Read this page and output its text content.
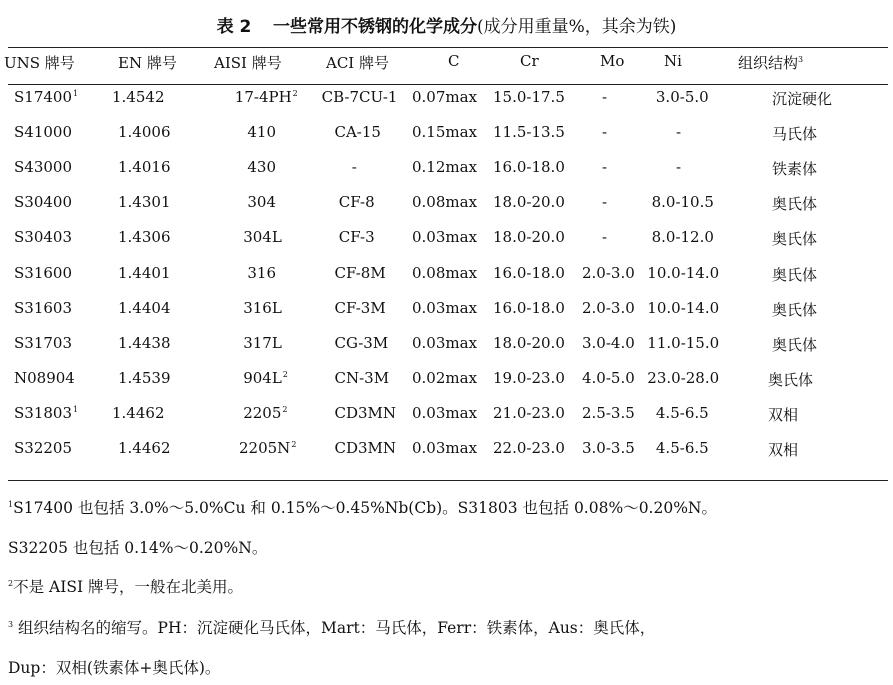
表 2 一些常用不锈钢的化学成分(成分用重量%，其余为铁)
UNS 牌号	EN 牌号 AISI 牌号	ACI 牌号	C	Cr	Mo	Ni	组织结构$^3$
S17400 1 1.4542	17-4PH 2 CB-7CU-1 0.07max 15.0-17.5 -	3.0-5.0	沉淀硬化
S41000	1.4006	410	CA-15 0.15max 11.5-13.5 -	-	马氏体
S43000	1.4016	430	-	0.12max 16.0-18.0 -	-	铁素体
S30400	1.4301	304	CF-8 0.08max 18.0-20.0 -	8.0-10.5	奥氏体
S30403	1.4306	304L	CF-3 0.03max 18.0-20.0 -	8.0-12.0	奥氏体
S31600	1.4401	316	CF-8M 0.08max 16.0-18.0 2.0-3.0 10.0-14.0	奥氏体
S31603	1.4404	316L	CF-3M 0.03max 16.0-18.0 2.0-3.0 10.0-14.0	奥氏体
S31703	1.4438	317L	CG-3M 0.03max 18.0-20.0 3.0-4.0 11.0-15.0	奥氏体
N08904	1.4539	904L 2	CN-3M 0.02max 19.0-23.0 4.0-5.0 23.0-28.0	奥氏体
S31803 1 1.4462	2205 2	CD3MN 0.03max 21.0-23.0 2.5-3.5 4.5-6.5	双相
S32205	1.4462	2205N 2	CD3MN 0.03max 22.0-23.0 3.0-3.5 4.5-6.5	双相
$^1$S17400 也包括 3.0%～5.0%Cu 和 0.15%～0.45%Nb(Cb)。S31803 也包括 0.08%～0.20%N。
S32205 也包括 0.14%～0.20%N。
$^2$不是 AISI 牌号，一般在北美用。
$^3$ 组织结构名的缩写。PH：沉淀硬化马氏体，Mart：马氏体，Ferr：铁素体，Aus：奥氏体，
Dup：双相(铁素体+奥氏体)。
